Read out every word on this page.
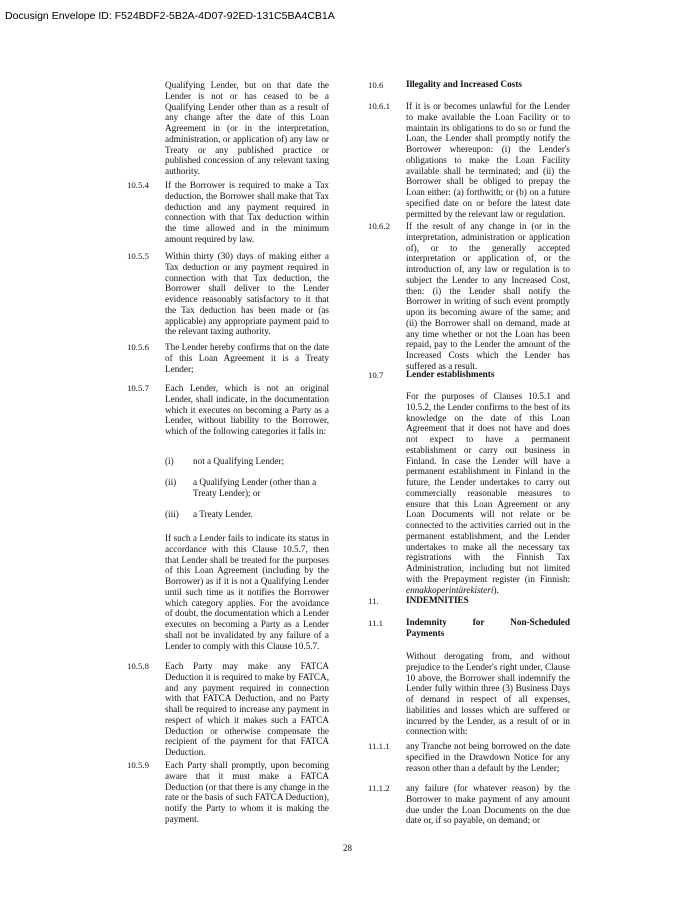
Docusign Envelope ID: F524BDF2-5B2A-4D07-92ED-131C5BA4CB1A
Qualifying Lender, but on that date the Lender is not or has ceased to be a Qualifying Lender other than as a result of any change after the date of this Loan Agreement in (or in the interpretation, administration, or application of) any law or Treaty or any published practice or published concession of any relevant taxing authority.
10.5.4 If the Borrower is required to make a Tax deduction, the Borrower shall make that Tax deduction and any payment required in connection with that Tax deduction within the time allowed and in the minimum amount required by law.
10.5.5 Within thirty (30) days of making either a Tax deduction or any payment required in connection with that Tax deduction, the Borrower shall deliver to the Lender evidence reasonably satisfactory to it that the Tax deduction has been made or (as applicable) any appropriate payment paid to the relevant taxing authority.
10.5.6 The Lender hereby confirms that on the date of this Loan Agreement it is a Treaty Lender;
10.5.7 Each Lender, which is not an original Lender, shall indicate, in the documentation which it executes on becoming a Party as a Lender, without liability to the Borrower, which of the following categories it falls in:
(i) not a Qualifying Lender;
(ii) a Qualifying Lender (other than a Treaty Lender); or
(iii) a Treaty Lender.
If such a Lender fails to indicate its status in accordance with this Clause 10.5.7, then that Lender shall be treated for the purposes of this Loan Agreement (including by the Borrower) as if it is not a Qualifying Lender until such time as it notifies the Borrower which category applies. For the avoidance of doubt, the documentation which a Lender executes on becoming a Party as a Lender shall not be invalidated by any failure of a Lender to comply with this Clause 10.5.7.
10.5.8 Each Party may make any FATCA Deduction it is required to make by FATCA, and any payment required in connection with that FATCA Deduction, and no Party shall be required to increase any payment in respect of which it makes such a FATCA Deduction or otherwise compensate the recipient of the payment for that FATCA Deduction.
10.5.9 Each Party shall promptly, upon becoming aware that it must make a FATCA Deduction (or that there is any change in the rate or the basis of such FATCA Deduction), notify the Party to whom it is making the payment.
10.6 Illegality and Increased Costs
10.6.1 If it is or becomes unlawful for the Lender to make available the Loan Facility or to maintain its obligations to do so or fund the Loan, the Lender shall promptly notify the Borrower whereupon: (i) the Lender's obligations to make the Loan Facility available shall be terminated; and (ii) the Borrower shall be obliged to prepay the Loan either: (a) forthwith; or (b) on a future specified date on or before the latest date permitted by the relevant law or regulation.
10.6.2 If the result of any change in (or in the interpretation, administration or application of), or to the generally accepted interpretation or application of, or the introduction of, any law or regulation is to subject the Lender to any Increased Cost, then: (i) the Lender shall notify the Borrower in writing of such event promptly upon its becoming aware of the same; and (ii) the Borrower shall on demand, made at any time whether or not the Loan has been repaid, pay to the Lender the amount of the Increased Costs which the Lender has suffered as a result.
10.7 Lender establishments
For the purposes of Clauses 10.5.1 and 10.5.2, the Lender confirms to the best of its knowledge on the date of this Loan Agreement that it does not have and does not expect to have a permanent establishment or carry out business in Finland. In case the Lender will have a permanent establishment in Finland in the future, the Lender undertakes to carry out commercially reasonable measures to ensure that this Loan Agreement or any Loan Documents will not relate or be connected to the activities carried out in the permanent establishment, and the Lender undertakes to make all the necessary tax registrations with the Finnish Tax Administration, including but not limited with the Prepayment register (in Finnish: ennakkoperintärekisteri).
11.	INDEMNITIES
11.1 Indemnity	for	Non-Scheduled
Payments
Without derogating from, and without prejudice to the Lender's right under, Clause 10 above, the Borrower shall indemnify the Lender fully within three (3) Business Days of demand in respect of all expenses, liabilities and losses which are suffered or incurred by the Lender, as a result of or in connection with:
11.1.1 any Tranche not being borrowed on the date specified in the Drawdown Notice for any reason other than a default by the Lender;
11.1.2 any failure (for whatever reason) by the Borrower to make payment of any amount due under the Loan Documents on the due date or, if so payable, on demand; or
28
